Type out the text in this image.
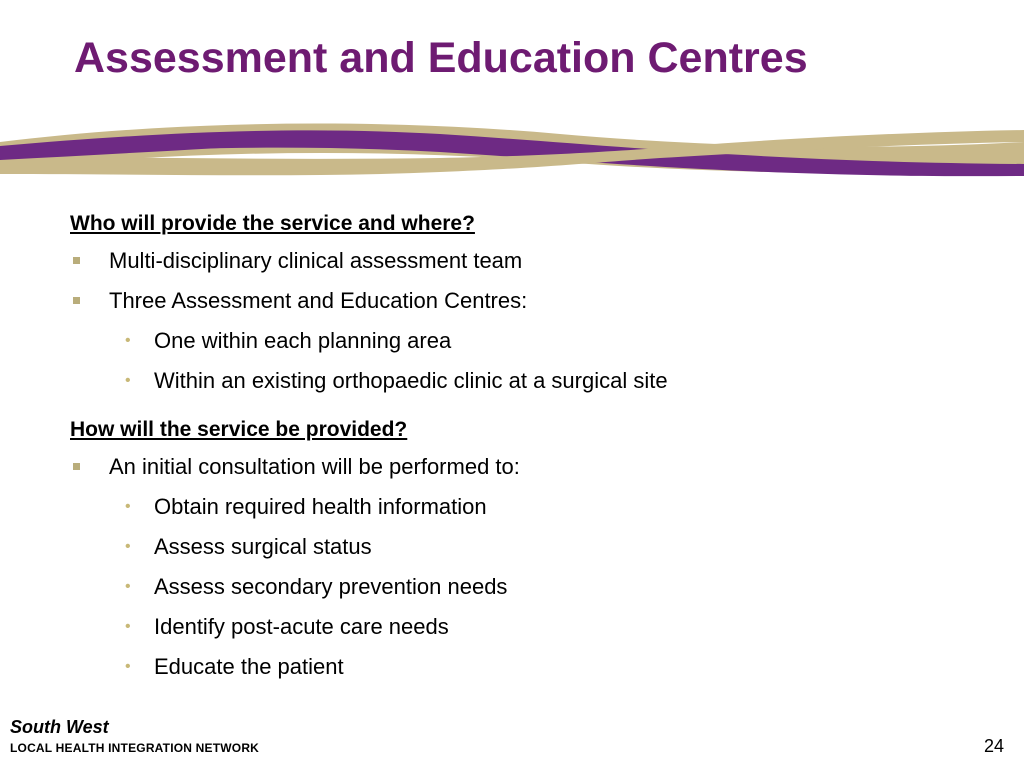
Assessment and Education Centres

Who will provide the service and where?

Multi-disciplinary clinical assessment team
Three Assessment and Education Centres:
• One within each planning area
• Within an existing orthopaedic clinic at a surgical site

How will the service be provided?

An initial consultation will be performed to:
• Obtain required health information
• Assess surgical status
• Assess secondary prevention needs
• Identify post-acute care needs
• Educate the patient
South West
LOCAL HEALTH INTEGRATION NETWORK	24
